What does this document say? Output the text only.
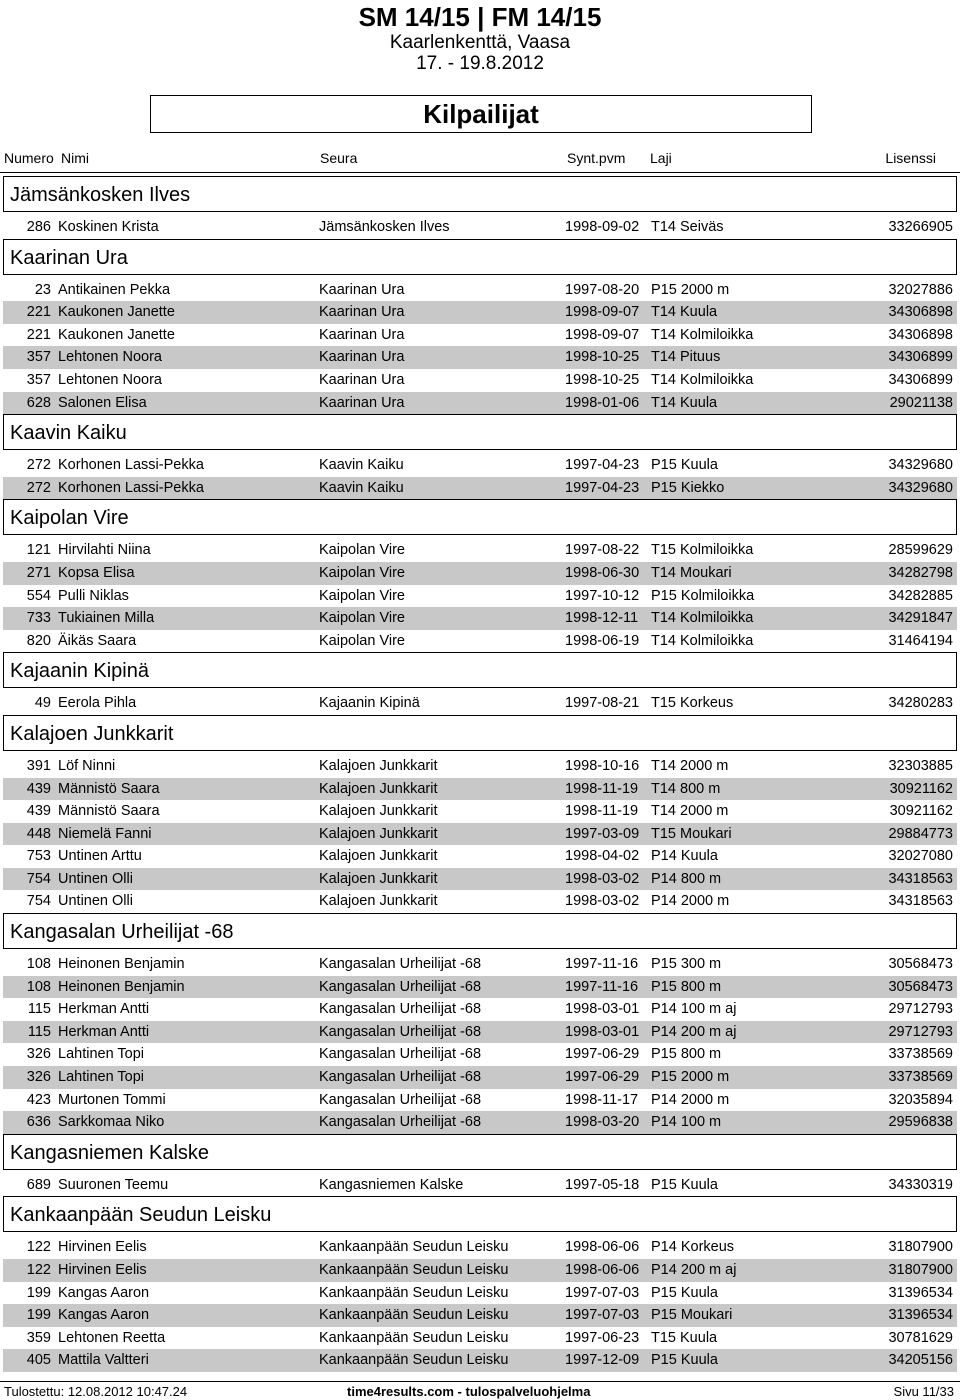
SM 14/15 | FM 14/15
Kaarlenkenttä, Vaasa
17. - 19.8.2012
Kilpailijat
Numero Nimi	Seura	Synt.pvm Laji	Lisenssi
Jämsänkosken Ilves
286 Koskinen Krista	Jämsänkosken Ilves	1998-09-02 T14 Seiväs	33266905
Kaarinan Ura
23 Antikainen Pekka	Kaarinan Ura	1997-08-20 P15 2000 m	32027886
221 Kaukonen Janette	Kaarinan Ura	1998-09-07 T14 Kuula	34306898
221 Kaukonen Janette	Kaarinan Ura	1998-09-07 T14 Kolmiloikka	34306898
357 Lehtonen Noora	Kaarinan Ura	1998-10-25 T14 Pituus	34306899
357 Lehtonen Noora	Kaarinan Ura	1998-10-25 T14 Kolmiloikka	34306899
628 Salonen Elisa	Kaarinan Ura	1998-01-06 T14 Kuula	29021138
Kaavin Kaiku
272 Korhonen Lassi-Pekka	Kaavin Kaiku	1997-04-23 P15 Kuula	34329680
272 Korhonen Lassi-Pekka	Kaavin Kaiku	1997-04-23 P15 Kiekko	34329680
Kaipolan Vire
121 Hirvilahti Niina	Kaipolan Vire	1997-08-22 T15 Kolmiloikka	28599629
271 Kopsa Elisa	Kaipolan Vire	1998-06-30 T14 Moukari	34282798
554 Pulli Niklas	Kaipolan Vire	1997-10-12 P15 Kolmiloikka	34282885
733 Tukiainen Milla	Kaipolan Vire	1998-12-11 T14 Kolmiloikka	34291847
820 Äikäs Saara	Kaipolan Vire	1998-06-19 T14 Kolmiloikka	31464194
Kajaanin Kipinä
49 Eerola Pihla	Kajaanin Kipinä	1997-08-21 T15 Korkeus	34280283
Kalajoen Junkkarit
391 Löf Ninni	Kalajoen Junkkarit	1998-10-16 T14 2000 m	32303885
439 Männistö Saara	Kalajoen Junkkarit	1998-11-19 T14 800 m	30921162
439 Männistö Saara	Kalajoen Junkkarit	1998-11-19 T14 2000 m	30921162
448 Niemelä Fanni	Kalajoen Junkkarit	1997-03-09 T15 Moukari	29884773
753 Untinen Arttu	Kalajoen Junkkarit	1998-04-02 P14 Kuula	32027080
754 Untinen Olli	Kalajoen Junkkarit	1998-03-02 P14 800 m	34318563
754 Untinen Olli	Kalajoen Junkkarit	1998-03-02 P14 2000 m	34318563
Kangasalan Urheilijat -68
108 Heinonen Benjamin	Kangasalan Urheilijat -68	1997-11-16 P15 300 m	30568473
108 Heinonen Benjamin	Kangasalan Urheilijat -68	1997-11-16 P15 800 m	30568473
115 Herkman Antti	Kangasalan Urheilijat -68	1998-03-01 P14 100 m aj	29712793
115 Herkman Antti	Kangasalan Urheilijat -68	1998-03-01 P14 200 m aj	29712793
326 Lahtinen Topi	Kangasalan Urheilijat -68	1997-06-29 P15 800 m	33738569
326 Lahtinen Topi	Kangasalan Urheilijat -68	1997-06-29 P15 2000 m	33738569
423 Murtonen Tommi	Kangasalan Urheilijat -68	1998-11-17 P14 2000 m	32035894
636 Sarkkomaa Niko	Kangasalan Urheilijat -68	1998-03-20 P14 100 m	29596838
Kangasniemen Kalske
689 Suuronen Teemu	Kangasniemen Kalske	1997-05-18 P15 Kuula	34330319
Kankaanpään Seudun Leisku
122 Hirvinen Eelis	Kankaanpään Seudun Leisku	1998-06-06 P14 Korkeus	31807900
122 Hirvinen Eelis	Kankaanpään Seudun Leisku	1998-06-06 P14 200 m aj	31807900
199 Kangas Aaron	Kankaanpään Seudun Leisku	1997-07-03 P15 Kuula	31396534
199 Kangas Aaron	Kankaanpään Seudun Leisku	1997-07-03 P15 Moukari	31396534
359 Lehtonen Reetta	Kankaanpään Seudun Leisku	1997-06-23 T15 Kuula	30781629
405 Mattila Valtteri	Kankaanpään Seudun Leisku	1997-12-09 P15 Kuula	34205156
Tulostettu: 12.08.2012 10:47.24	time4results.com - tulospalveluohjelma	Sivu 11/33
